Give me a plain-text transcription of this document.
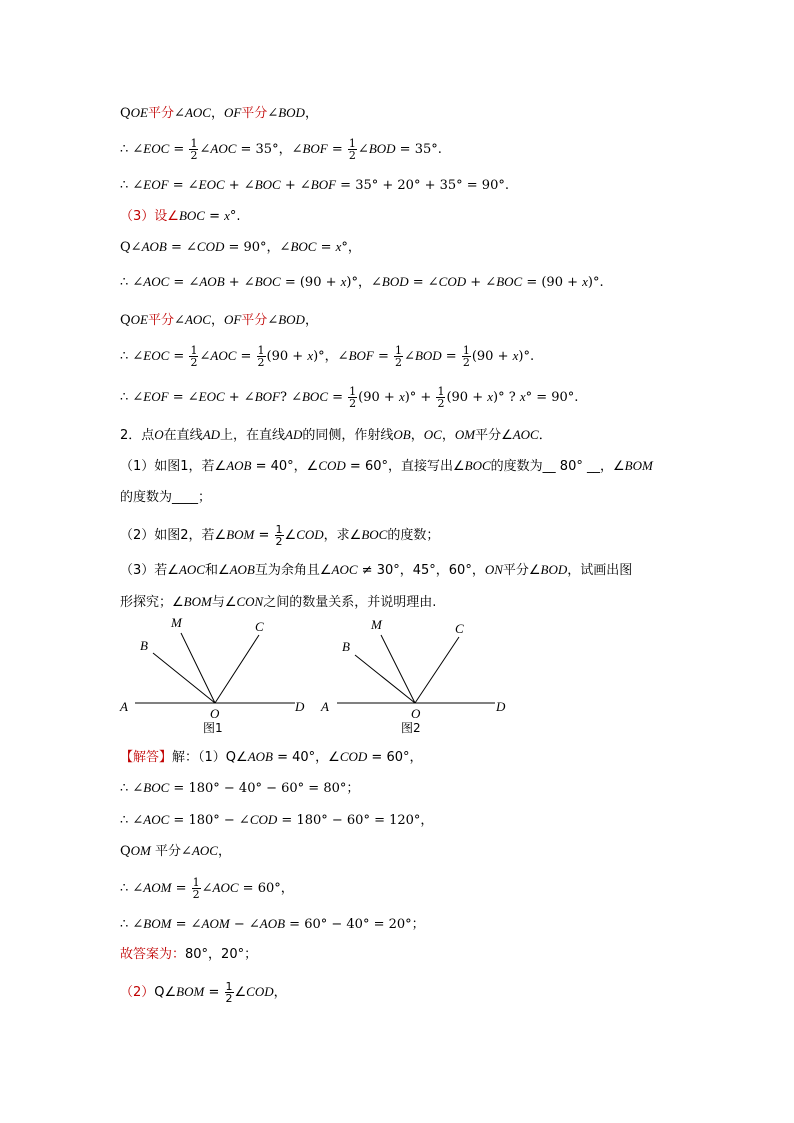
QOE平分∠AOC，OF平分∠BOD，
∴ ∠EOC = $\frac{1}{2}$ ∠AOC = 35°，∠BOF = $\frac{1}{2}$ ∠BOD = 35°.
∴ ∠EOF = ∠EOC + ∠BOC + ∠BOF = 35° + 20° + 35° = 90°.
（3）设∠BOC = x°.
Q∠AOB = ∠COD = 90°，∠BOC = x°，
∴ ∠AOC = ∠AOB + ∠BOC = (90 + x)°，∠BOD = ∠COD + ∠BOC = (90 + x)°.
QOE平分∠AOC，OF平分∠BOD，
∴ ∠EOC = $\frac{1}{2}$ ∠AOC = $\frac{1}{2} (90 + x)^\circ$，∠BOF = $\frac{1}{2}$ ∠BOD = $\frac{1}{2} (90 + x)^\circ$.
∴ ∠EOF = ∠EOC + ∠BOF? ∠BOC = $\frac{1}{2} (90 + x)^\circ + \frac{1}{2} (90 + x)^\circ$ ? x° = 90°.
2．点O在直线AD上，在直线AD的同侧，作射线OB，OC，OM平分∠AOC．
（1）如图1，若∠AOB = 40°，∠COD = 60°，直接写出∠BOC的度数为__ 80° __，∠BOM
的度数为____；
（2）如图2，若∠BOM = $\frac{1}{2}$ ∠COD，求∠BOC的度数；
（3）若∠AOC和∠AOB互为余角且∠AOC ≠ 30°，45°，60°，ON平分∠BOD，试画出图
形探究；∠BOM与∠CON之间的数量关系，并说明理由.
A
B
M	C
O	D
图1
A
B
M	C
O	D
图2
【解答】解：（1）Q∠AOB = 40°，∠COD = 60°，
∴ ∠BOC = 180° − 40° − 60° = 80°；
∴ ∠AOC = 180° − ∠COD = 180° − 60° = 120°，
QOM 平分∠AOC，
∴ ∠AOM = $\frac{1}{2}$ ∠AOC = 60°，
∴ ∠BOM = ∠AOM − ∠AOB = 60° − 40° = 20°；
故答案为：80°，20°；
（2）Q∠BOM = $\frac{1}{2}$ ∠COD，
